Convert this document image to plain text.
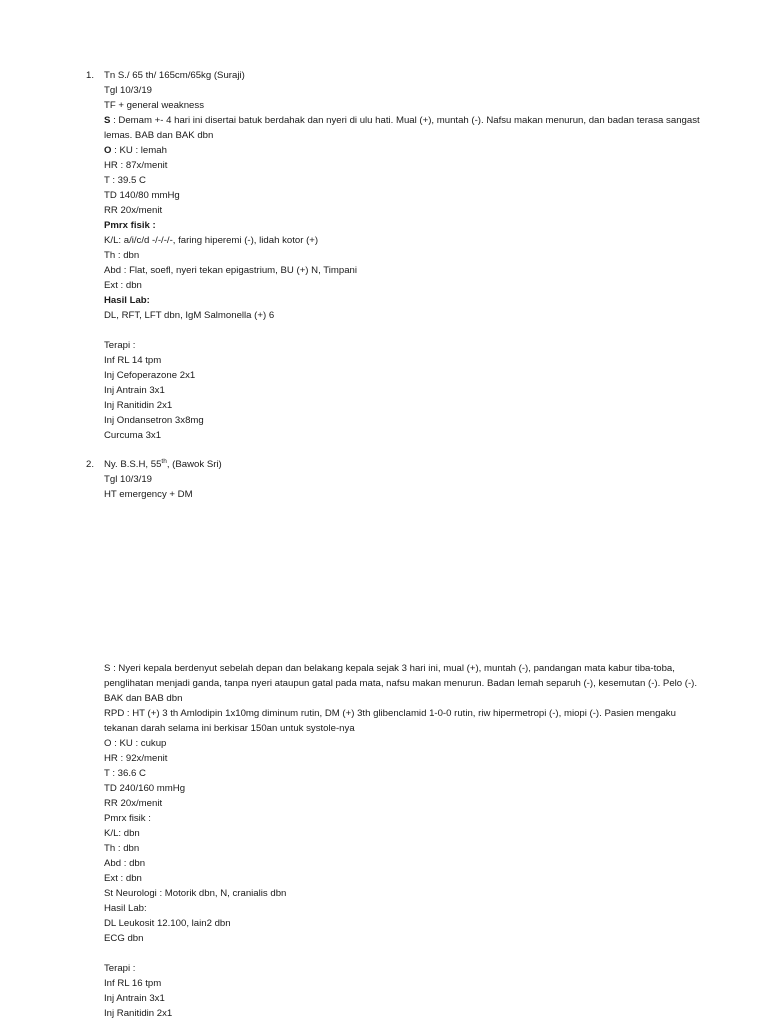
1. Tn S./ 65 th/ 165cm/65kg (Suraji)
Tgl 10/3/19
TF + general weakness
S : Demam +- 4 hari ini disertai batuk berdahak dan nyeri di ulu hati. Mual (+), muntah (-). Nafsu makan menurun, dan badan terasa sangast lemas. BAB dan BAK dbn
O : KU : lemah
HR : 87x/menit
T : 39.5 C
TD 140/80 mmHg
RR 20x/menit
Pmrx fisik :
K/L: a/i/c/d -/-/-/-, faring hiperemi (-), lidah kotor (+)
Th : dbn
Abd : Flat, soefl, nyeri tekan epigastrium, BU (+) N, Timpani
Ext : dbn
Hasil Lab:
DL, RFT, LFT dbn, IgM Salmonella (+) 6
Terapi :
Inf RL 14 tpm
Inj Cefoperazone 2x1
Inj Antrain 3x1
Inj Ranitidin 2x1
Inj Ondansetron 3x8mg
Curcuma 3x1
2. Ny. B.S.H, 55th, (Bawok Sri)
Tgl 10/3/19
HT emergency + DM
S : Nyeri kepala berdenyut sebelah depan dan belakang kepala sejak 3 hari ini, mual (+), muntah (-), pandangan mata kabur tiba-toba, penglihatan menjadi ganda, tanpa nyeri ataupun gatal pada mata, nafsu makan menurun. Badan lemah separuh (-), kesemutan (-). Pelo (-). BAK dan BAB dbn
RPD : HT (+) 3 th Amlodipin 1x10mg diminum rutin, DM (+) 3th glibenclamid 1-0-0 rutin, riw hipermetropi (-), miopi (-). Pasien mengaku tekanan darah selama ini berkisar 150an untuk systole-nya
O : KU : cukup
HR : 92x/menit
T : 36.6 C
TD 240/160 mmHg
RR 20x/menit
Pmrx fisik :
K/L: dbn
Th : dbn
Abd : dbn
Ext : dbn
St Neurologi : Motorik dbn, N, cranialis dbn
Hasil Lab:
DL Leukosit 12.100, lain2 dbn
ECG dbn
Terapi :
Inf RL 16 tpm
Inj Antrain 3x1
Inj Ranitidin 2x1
